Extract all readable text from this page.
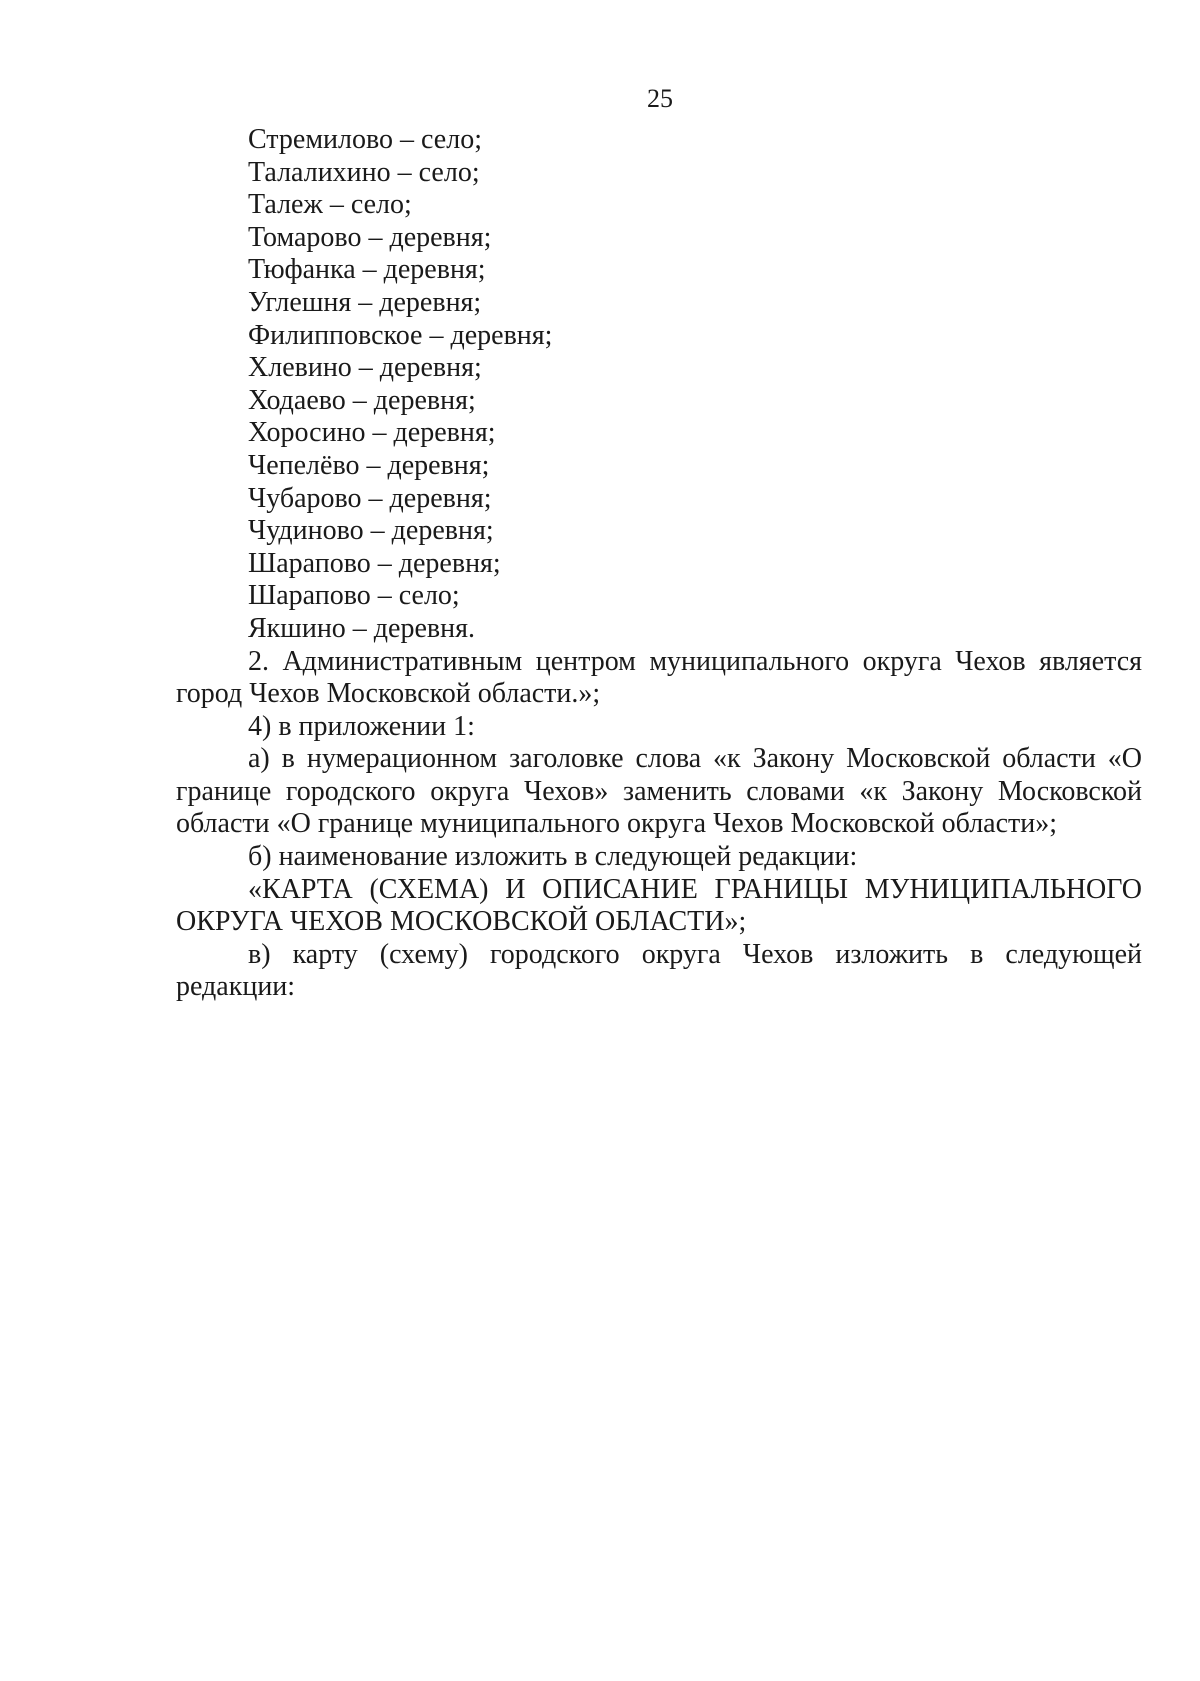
25
Стремилово – село;
Талалихино – село;
Талеж – село;
Томарово – деревня;
Тюфанка – деревня;
Углешня – деревня;
Филипповское – деревня;
Хлевино – деревня;
Ходаево – деревня;
Хоросино – деревня;
Чепелёво – деревня;
Чубарово – деревня;
Чудиново – деревня;
Шарапово – деревня;
Шарапово – село;
Якшино – деревня.

2. Административным центром муниципального округа Чехов является город Чехов Московской области.»;

4) в приложении 1:

а) в нумерационном заголовке слова «к Закону Московской области «О границе городского округа Чехов» заменить словами «к Закону Московской области «О границе муниципального округа Чехов Московской области»;

б) наименование изложить в следующей редакции:

«КАРТА (СХЕМА) И ОПИСАНИЕ ГРАНИЦЫ МУНИЦИПАЛЬНОГО ОКРУГА ЧЕХОВ МОСКОВСКОЙ ОБЛАСТИ»;

в) карту (схему) городского округа Чехов изложить в следующей редакции:
